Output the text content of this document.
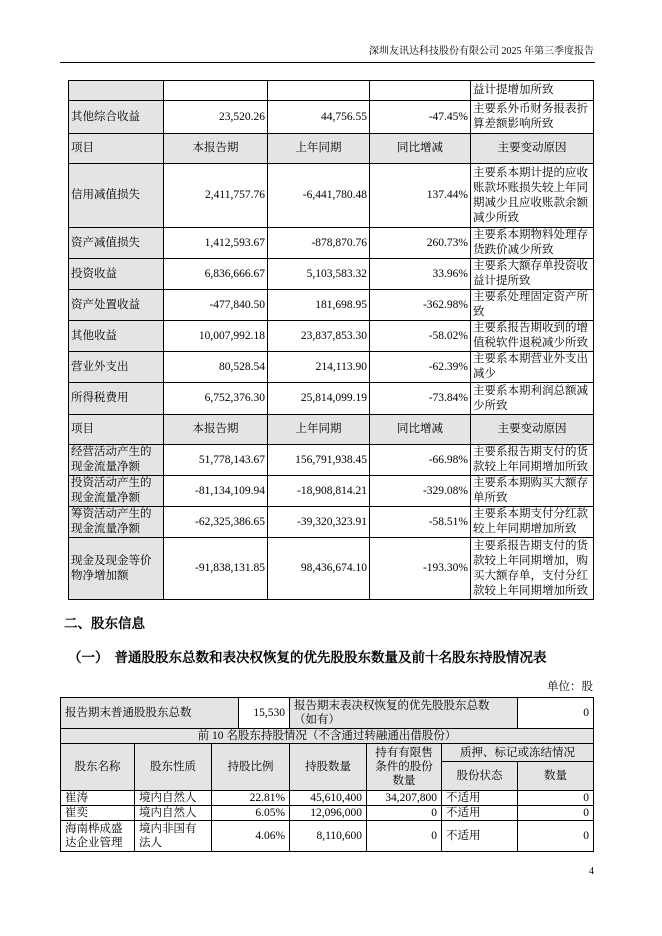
深圳友讯达科技股份有限公司 2025 年第三季度报告
				益计提增加所致
其他综合收益	23,520.26	44,756.55	-47.45%	主要系外币财务报表折算差额影响所致
项目	本报告期	上年同期	同比增减	主要变动原因
信用减值损失	2,411,757.76	-6,441,780.48	137.44%	主要系本期计提的应收账款坏账损失较上年同期减少且应收账款余额减少所致
资产减值损失	1,412,593.67	-878,870.76	260.73%	主要系本期物料处理存货跌价减少所致
投资收益	6,836,666.67	5,103,583.32	33.96%	主要系大额存单投资收益计提所致
资产处置收益	-477,840.50	181,698.95	-362.98%	主要系处理固定资产所致
其他收益	10,007,992.18	23,837,853.30	-58.02%	主要系报告期收到的增值税软件退税减少所致
营业外支出	80,528.54	214,113.90	-62.39%	主要系本期营业外支出减少
所得税费用	6,752,376.30	25,814,099.19	-73.84%	主要系本期利润总额减少所致
项目	本报告期	上年同期	同比增减	主要变动原因
经营活动产生的现金流量净额	51,778,143.67	156,791,938.45	-66.98%	主要系报告期支付的货款较上年同期增加所致
投资活动产生的现金流量净额	-81,134,109.94	-18,908,814.21	-329.08%	主要系本期购买大额存单所致
筹资活动产生的现金流量净额	-62,325,386.65	-39,320,323.91	-58.51%	主要系本期支付分红款较上年同期增加所致
现金及现金等价物净增加额	-91,838,131.85	98,436,674.10	-193.30%	主要系报告期支付的货款较上年同期增加，购买大额存单，支付分红款较上年同期增加所致
二、股东信息
（一） 普通股股东总数和表决权恢复的优先股股东数量及前十名股东持股情况表
单位：股
报告期末普通股股东总数			15,530	报告期末表决权恢复的优先股股东总数（如有）			0
前 10 名股东持股情况（不含通过转融通出借股份）							
股东名称	股东性质	持股比例		持股数量	持有有限售条件的股份数量	质押、标记或冻结情况	
						股份状态	数量
崔涛	境内自然人	22.81%		45,610,400	34,207,800	不适用	0
崔奕	境内自然人	6.05%		12,096,000	0	不适用	0
海南桦成盛达企业管理	境内非国有法人	4.06%		8,110,600	0	不适用	0
4
